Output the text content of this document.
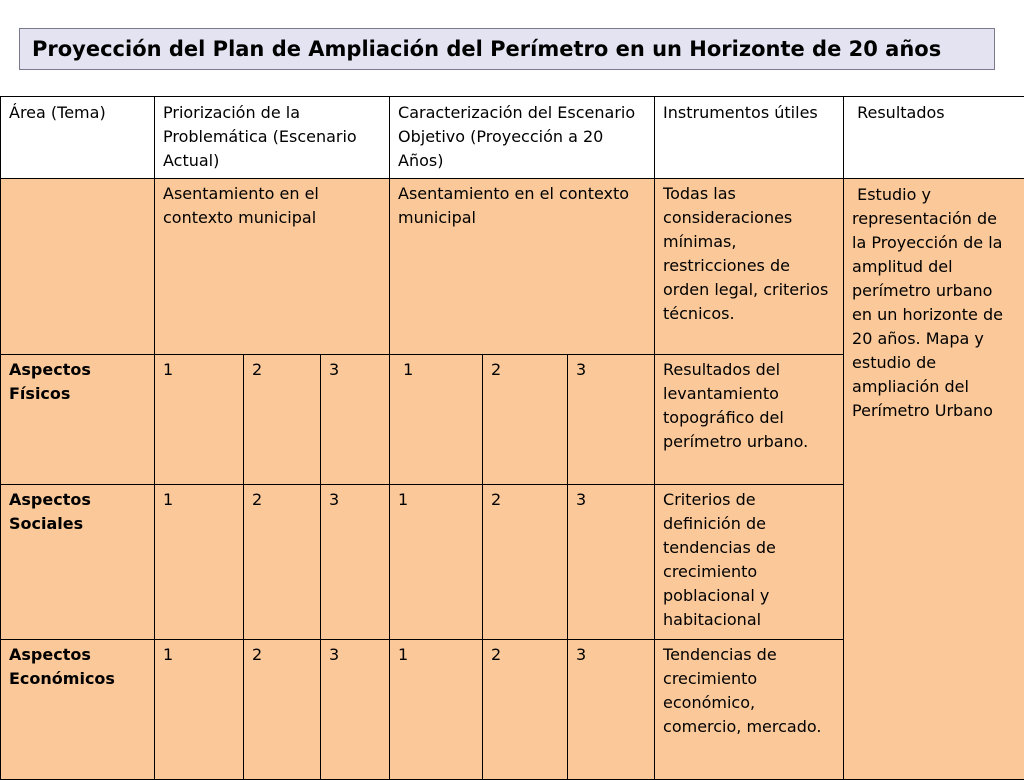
Proyección del Plan de Ampliación del Perímetro en un Horizonte de 20 años
Área (Tema)	Priorización de la Problemática (Escenario Actual)			Caracterización del Escenario Objetivo (Proyección a 20 Años)			Instrumentos útiles	Resultados
	Asentamiento en el contexto municipal			Asentamiento en el contexto municipal			Todas las consideraciones mínimas, restricciones de orden legal, criterios técnicos.	Estudio y representación de la Proyección de la amplitud del perímetro urbano en un horizonte de 20 años. Mapa y estudio de ampliación del Perímetro Urbano
Aspectos Físicos	1	2	3	1	2	3	Resultados del levantamiento topográfico del perímetro urbano.	
Aspectos Sociales	1	2	3	1	2	3	Criterios de definición de tendencias de crecimiento poblacional y habitacional	
Aspectos Económicos	1	2	3	1	2	3	Tendencias de crecimiento económico, comercio, mercado.	
